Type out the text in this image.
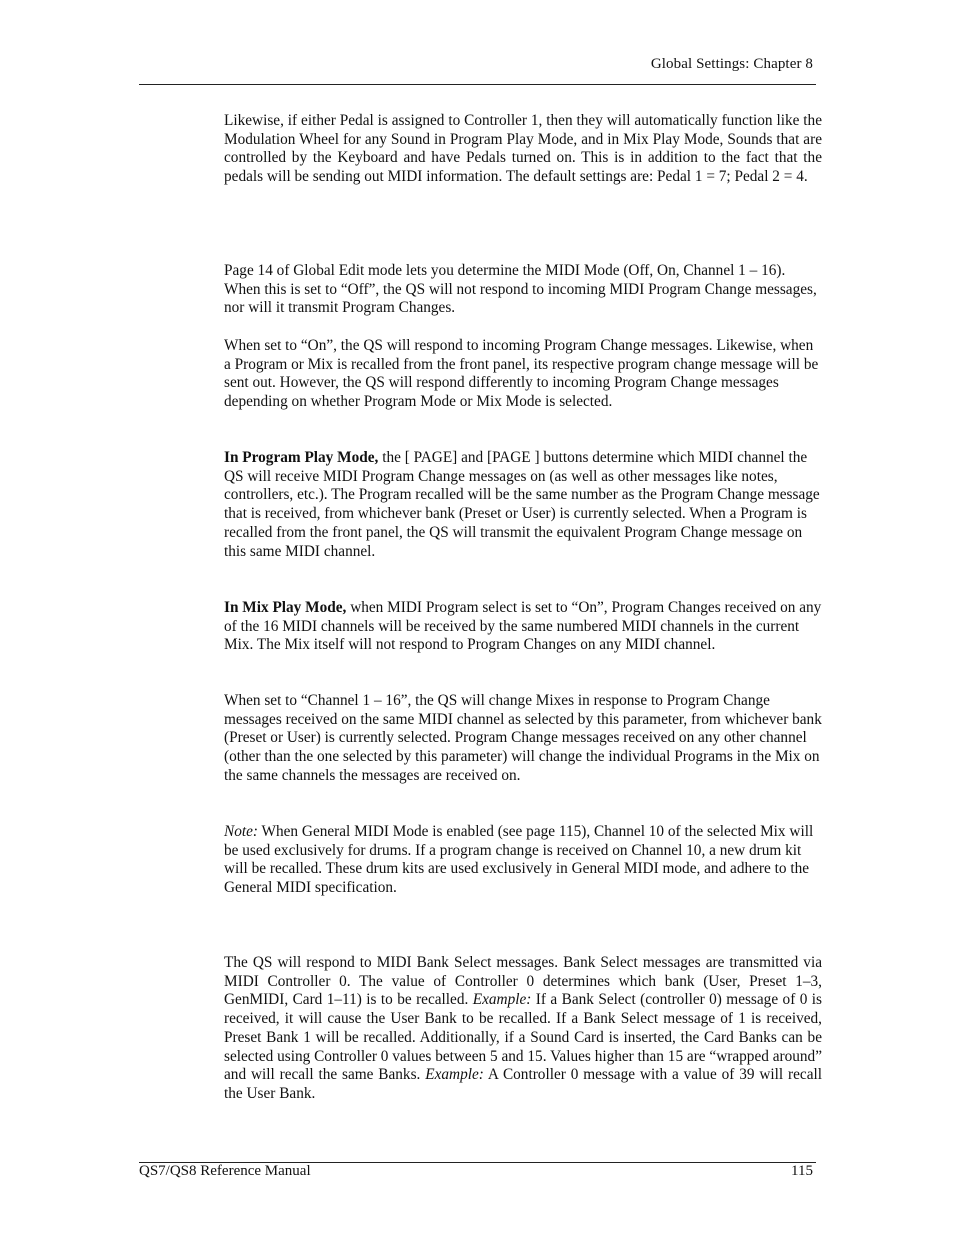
Global Settings: Chapter 8

Likewise, if either Pedal is assigned to Controller 1, then they will automatically function like the Modulation Wheel for any Sound in Program Play Mode, and in Mix Play Mode, Sounds that are controlled by the Keyboard and have Pedals turned on. This is in addition to the fact that the pedals will be sending out MIDI information. The default settings are: Pedal 1 = 7; Pedal 2 = 4.

Page 14 of Global Edit mode lets you determine the MIDI Mode (Off, On, Channel 1 – 16). When this is set to “Off”, the QS will not respond to incoming MIDI Program Change messages, nor will it transmit Program Changes.

When set to “On”, the QS will respond to incoming Program Change messages. Likewise, when a Program or Mix is recalled from the front panel, its respective program change message will be sent out. However, the QS will respond differently to incoming Program Change messages depending on whether Program Mode or Mix Mode is selected.

In Program Play Mode, the [ PAGE] and [PAGE ] buttons determine which MIDI channel the QS will receive MIDI Program Change messages on (as well as other messages like notes, controllers, etc.). The Program recalled will be the same number as the Program Change message that is received, from whichever bank (Preset or User) is currently selected. When a Program is recalled from the front panel, the QS will transmit the equivalent Program Change message on this same MIDI channel.

In Mix Play Mode, when MIDI Program select is set to “On”, Program Changes received on any of the 16 MIDI channels will be received by the same numbered MIDI channels in the current Mix. The Mix itself will not respond to Program Changes on any MIDI channel.

When set to “Channel 1 – 16”, the QS will change Mixes in response to Program Change messages received on the same MIDI channel as selected by this parameter, from whichever bank (Preset or User) is currently selected. Program Change messages received on any other channel (other than the one selected by this parameter) will change the individual Programs in the Mix on the same channels the messages are received on.

Note: When General MIDI Mode is enabled (see page 115), Channel 10 of the selected Mix will be used exclusively for drums. If a program change is received on Channel 10, a new drum kit will be recalled. These drum kits are used exclusively in General MIDI mode, and adhere to the General MIDI specification.

The QS will respond to MIDI Bank Select messages. Bank Select messages are transmitted via MIDI Controller 0. The value of Controller 0 determines which bank (User, Preset 1–3, GenMIDI, Card 1–11) is to be recalled. Example: If a Bank Select (controller 0) message of 0 is received, it will cause the User Bank to be recalled. If a Bank Select message of 1 is received, Preset Bank 1 will be recalled. Additionally, if a Sound Card is inserted, the Card Banks can be selected using Controller 0 values between 5 and 15. Values higher than 15 are “wrapped around” and will recall the same Banks. Example: A Controller 0 message with a value of 39 will recall the User Bank.

QS7/QS8 Reference Manual	115
